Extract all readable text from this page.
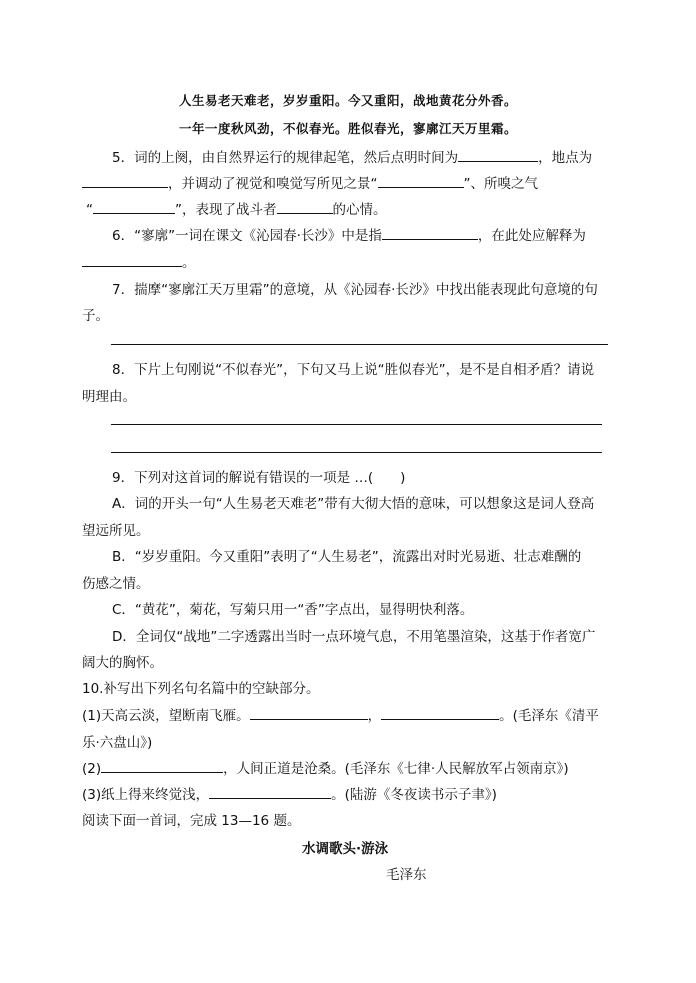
人生易老天难老，岁岁重阳。今又重阳，战地黄花分外香。
一年一度秋风劲，不似春光。胜似春光，寥廓江天万里霜。
5．词的上阕，由自然界运行的规律起笔，然后点明时间为	，地点为
，并调动了视觉和嗅觉写所见之景“	”、所嗅之气
“	”，表现了战斗者	的心情。
6．“寥廓”一词在课文《沁园春·长沙》中是指	，在此处应解释为
。
7．揣摩“寥廓江天万里霜”的意境，从《沁园春·长沙》中找出能表现此句意境的句
子。
8．下片上句刚说“不似春光”，下句又马上说“胜似春光”，是不是自相矛盾？请说
明理由。
9．下列对这首词的解说有错误的一项是 …(　　)
A．词的开头一句“人生易老天难老”带有大彻大悟的意味，可以想象这是词人登高
望远所见。
B．“岁岁重阳。今又重阳”表明了“人生易老”，流露出对时光易逝、壮志难酬的
伤感之情。
C．“黄花”，菊花，写菊只用一“香”字点出，显得明快利落。
D．全词仅“战地”二字透露出当时一点环境气息，不用笔墨渲染，这基于作者宽广
阔大的胸怀。
10.补写出下列名句名篇中的空缺部分。
(1)天高云淡，望断南飞雁。	，	。(毛泽东《清平
乐·六盘山》)
(2)	，人间正道是沧桑。(毛泽东《七律·人民解放军占领南京》)
(3)纸上得来终觉浅，	。(陆游《冬夜读书示子聿》)
阅读下面一首词，完成 13—16 题。
水调歌头·游泳
毛泽东
